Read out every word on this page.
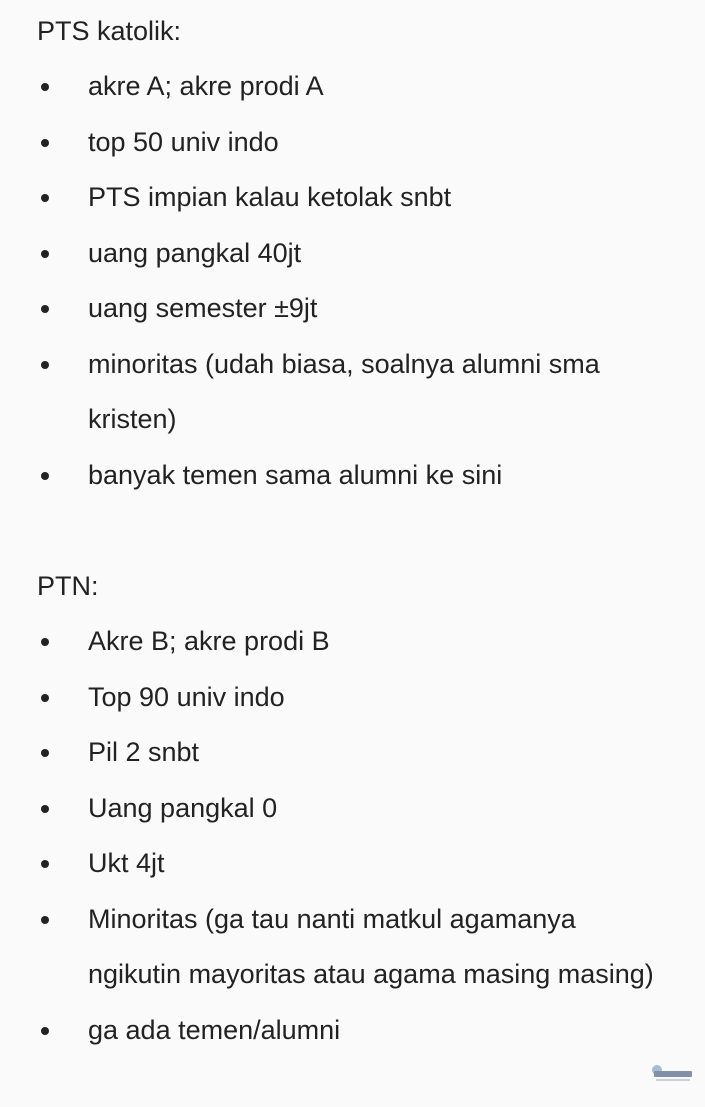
PTS katolik:
akre A; akre prodi A
top 50 univ indo
PTS impian kalau ketolak snbt
uang pangkal 40jt
uang semester ±9jt
minoritas (udah biasa, soalnya alumni sma kristen)
banyak temen sama alumni ke sini
PTN:
Akre B; akre prodi B
Top 90 univ indo
Pil 2 snbt
Uang pangkal 0
Ukt 4jt
Minoritas (ga tau nanti matkul agamanya ngikutin mayoritas atau agama masing masing)
ga ada temen/alumni
